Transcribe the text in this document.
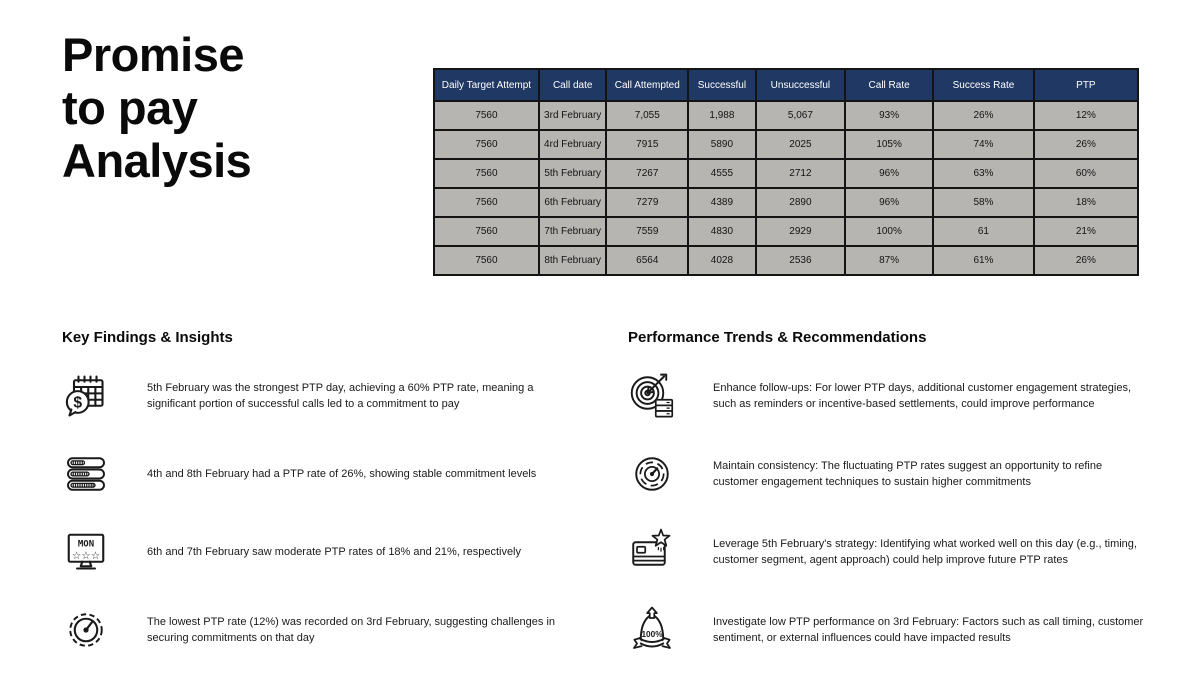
Promise
to pay
Analysis
Daily Target Attempt	Call date	Call Attempted	Successful	Unsuccessful	Call Rate	Success Rate	PTP
7560	3rd February	7,055	1,988	5,067	93%	26%	12%
7560	4rd February	7915	5890	2025	105%	74%	26%
7560	5th February	7267	4555	2712	96%	63%	60%
7560	6th February	7279	4389	2890	96%	58%	18%
7560	7th February	7559	4830	2929	100%	61	21%
7560	8th February	6564	4028	2536	87%	61%	26%
Key Findings & Insights
$
5th February was the strongest PTP day, achieving a 60% PTP rate, meaning a significant portion of successful calls led to a commitment to pay
4th and 8th February had a PTP rate of 26%, showing stable commitment levels
MON
☆☆☆	6th and 7th February saw moderate PTP rates of 18% and 21%, respectively
The lowest PTP rate (12%) was recorded on 3rd February, suggesting challenges in securing commitments on that day
Performance Trends & Recommendations
Enhance follow-ups: For lower PTP days, additional customer engagement strategies, such as reminders or incentive-based settlements, could improve performance
Maintain consistency: The fluctuating PTP rates suggest an opportunity to refine customer engagement techniques to sustain higher commitments
Leverage 5th February's strategy: Identifying what worked well on this day (e.g., timing, customer segment, agent approach) could help improve future PTP rates
100%
Investigate low PTP performance on 3rd February: Factors such as call timing, customer sentiment, or external influences could have impacted results
